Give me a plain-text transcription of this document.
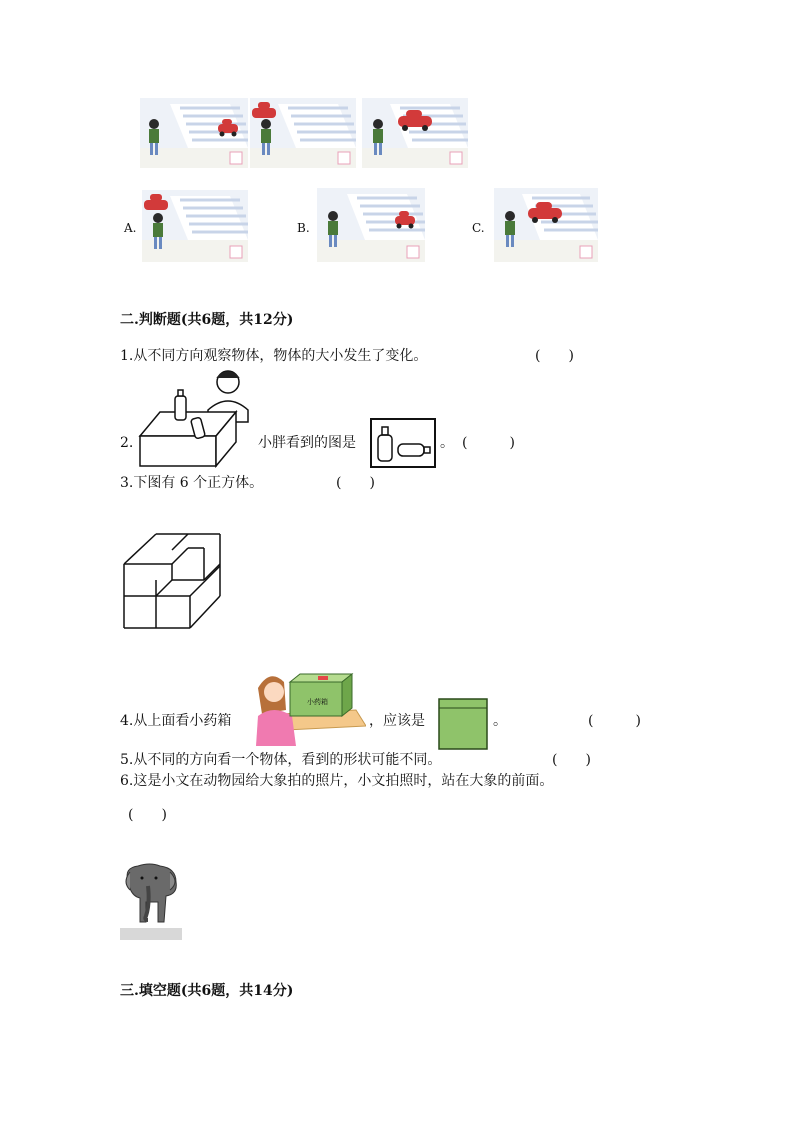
A.	B.	C.
二.判断题(共6题，共12分)
1.从不同方向观察物体，物体的大小发生了变化。	(　　)
2.	小胖看到的图是	。 (　　　)
3.下图有 6 个正方体。	(　　)
小药箱
4.从上面看小药箱	，应该是	。	(　　　)
5.从不同的方向看一个物体，看到的形状可能不同。	(　　)
6.这是小文在动物园给大象拍的照片，小文拍照时，站在大象的前面。
(　　)
三.填空题(共6题，共14分)
